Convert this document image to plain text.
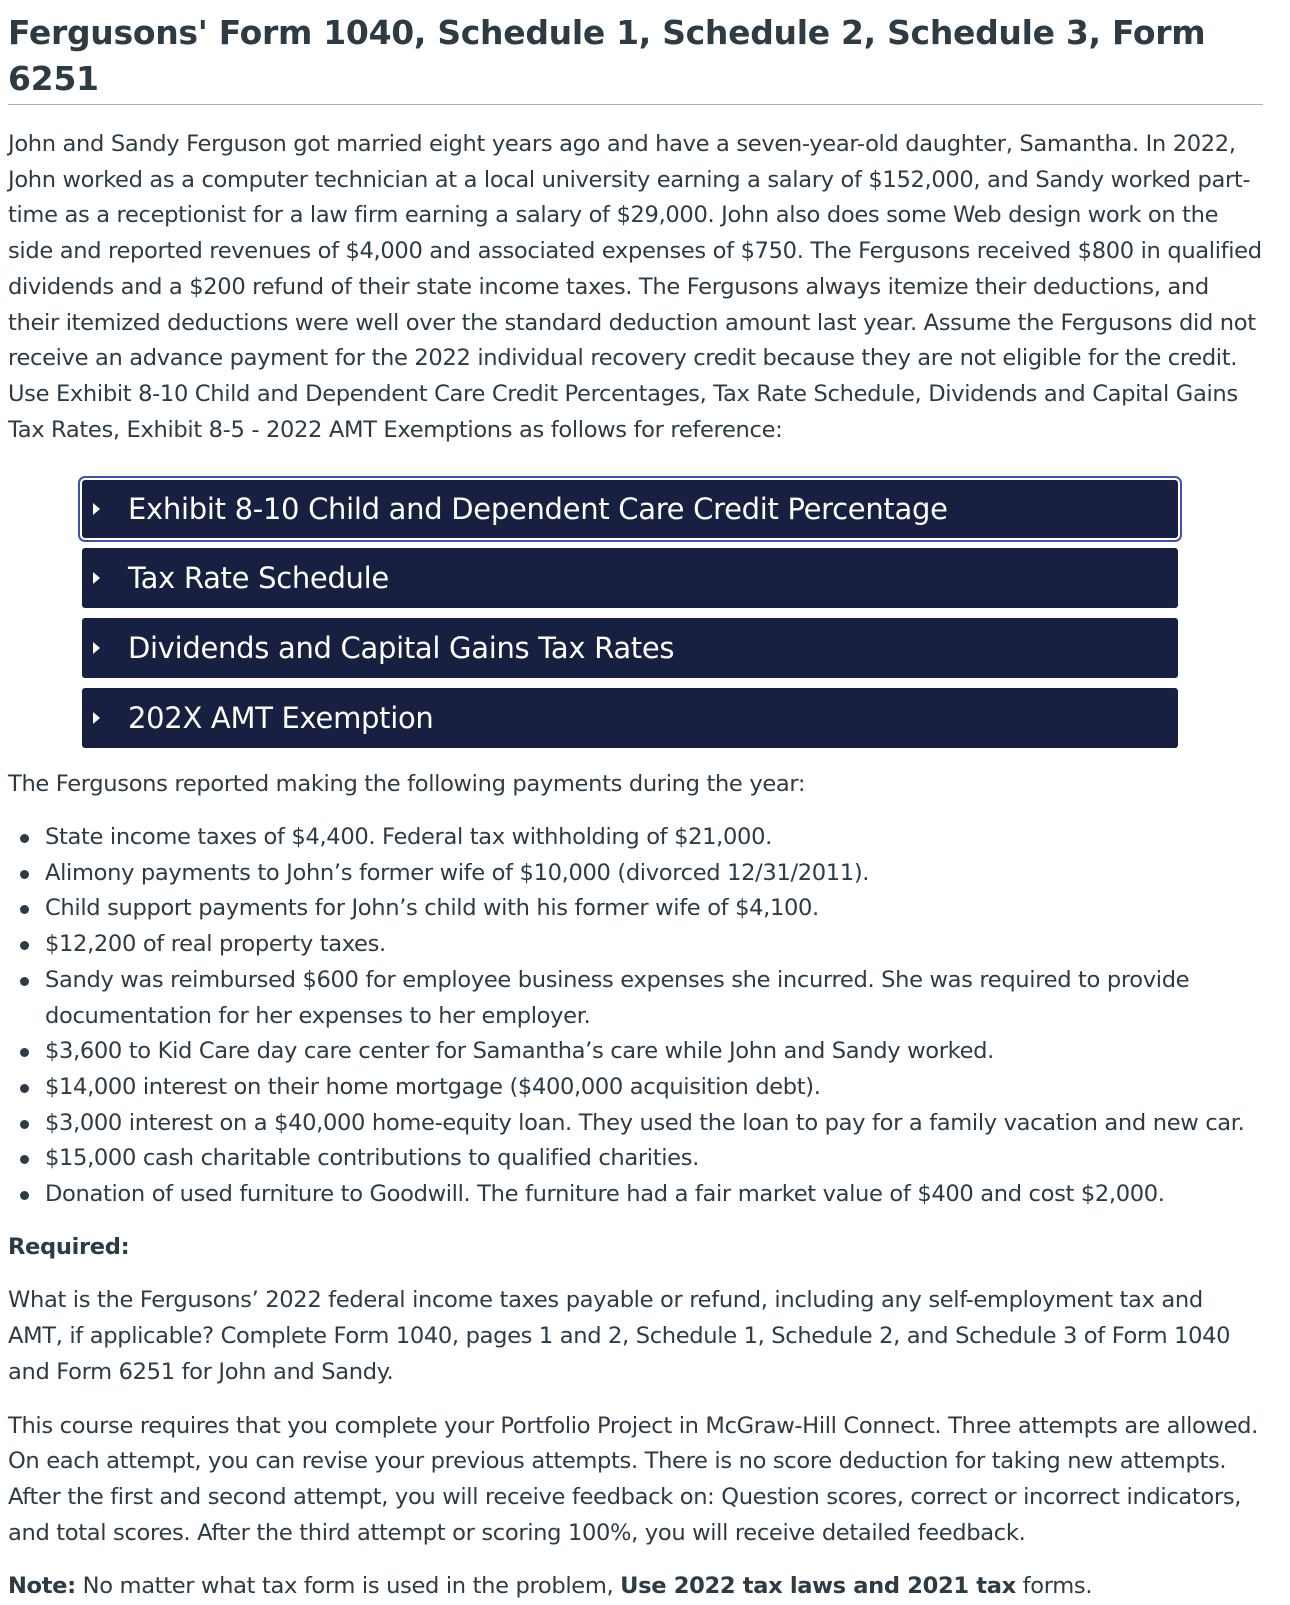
Fergusons' Form 1040, Schedule 1, Schedule 2, Schedule 3, Form 6251

John and Sandy Ferguson got married eight years ago and have a seven-year-old daughter, Samantha. In 2022, John worked as a computer technician at a local university earning a salary of $152,000, and Sandy worked part-time as a receptionist for a law firm earning a salary of $29,000. John also does some Web design work on the side and reported revenues of $4,000 and associated expenses of $750. The Fergusons received $800 in qualified dividends and a $200 refund of their state income taxes. The Fergusons always itemize their deductions, and their itemized deductions were well over the standard deduction amount last year. Assume the Fergusons did not receive an advance payment for the 2022 individual recovery credit because they are not eligible for the credit. Use Exhibit 8-10 Child and Dependent Care Credit Percentages, Tax Rate Schedule, Dividends and Capital Gains Tax Rates, Exhibit 8-5 - 2022 AMT Exemptions as follows for reference:

Exhibit 8-10 Child and Dependent Care Credit Percentage
Tax Rate Schedule
Dividends and Capital Gains Tax Rates
202X AMT Exemption

The Fergusons reported making the following payments during the year:

State income taxes of $4,400. Federal tax withholding of $21,000.
Alimony payments to John’s former wife of $10,000 (divorced 12/31/2011).
Child support payments for John’s child with his former wife of $4,100.
$12,200 of real property taxes.
Sandy was reimbursed $600 for employee business expenses she incurred. She was required to provide documentation for her expenses to her employer.
$3,600 to Kid Care day care center for Samantha’s care while John and Sandy worked.
$14,000 interest on their home mortgage ($400,000 acquisition debt).
$3,000 interest on a $40,000 home-equity loan. They used the loan to pay for a family vacation and new car.
$15,000 cash charitable contributions to qualified charities.
Donation of used furniture to Goodwill. The furniture had a fair market value of $400 and cost $2,000.

Required:

What is the Fergusons’ 2022 federal income taxes payable or refund, including any self-employment tax and AMT, if applicable? Complete Form 1040, pages 1 and 2, Schedule 1, Schedule 2, and Schedule 3 of Form 1040 and Form 6251 for John and Sandy.

This course requires that you complete your Portfolio Project in McGraw-Hill Connect. Three attempts are allowed. On each attempt, you can revise your previous attempts. There is no score deduction for taking new attempts. After the first and second attempt, you will receive feedback on: Question scores, correct or incorrect indicators, and total scores. After the third attempt or scoring 100%, you will receive detailed feedback.

Note: No matter what tax form is used in the problem, Use 2022 tax laws and 2021 tax forms.
